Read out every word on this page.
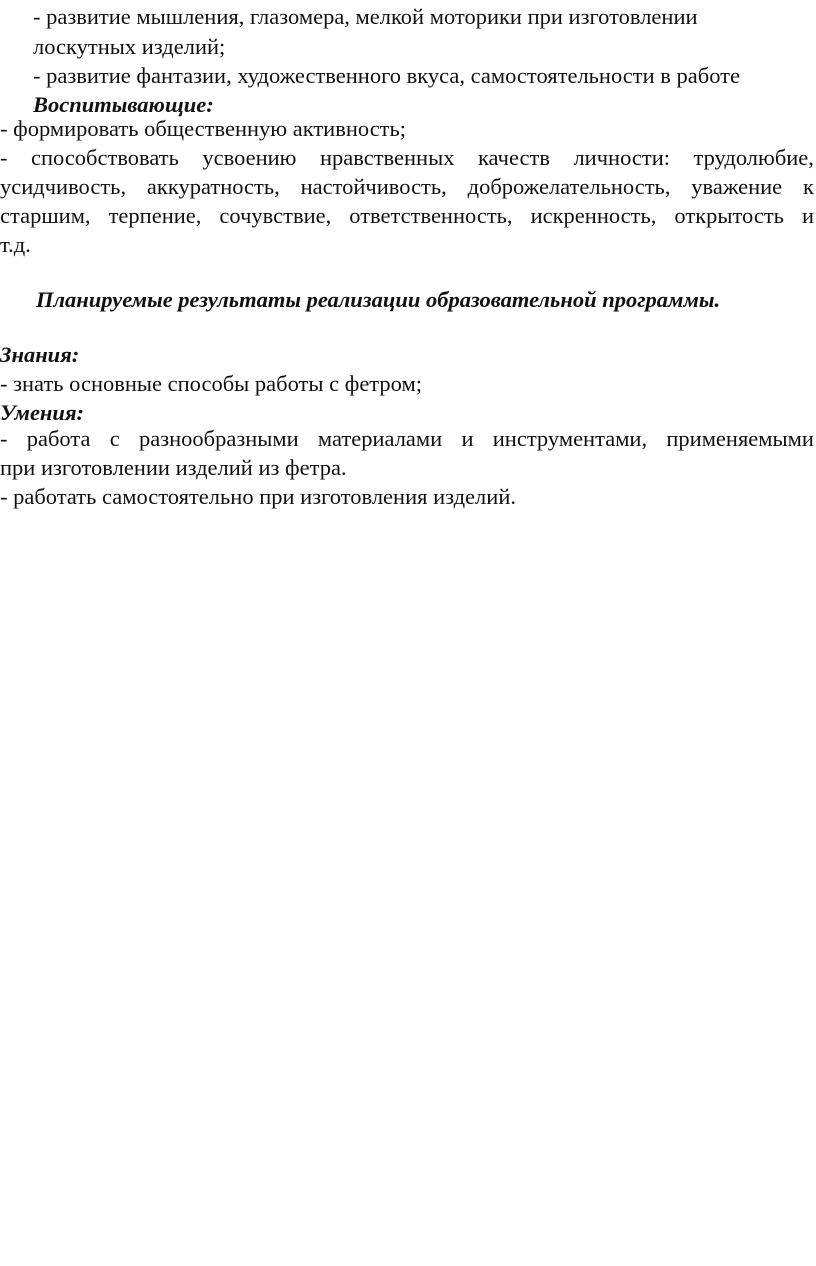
- развитие мышления, глазомера, мелкой моторики при изготовлении
лоскутных изделий;
- развитие фантазии, художественного вкуса, самостоятельности в работе
Воспитывающие:
- формировать общественную активность;
- способствовать усвоению нравственных качеств личности: трудолюбие,
усидчивость, аккуратность, настойчивость, доброжелательность, уважение к
старшим, терпение, сочувствие, ответственность, искренность, открытость и
т.д.
Планируемые результаты реализации образовательной программы.
Знания:
- знать основные способы работы с фетром;
Умения:
- работа с разнообразными материалами и инструментами, применяемыми
при изготовлении изделий из фетра.
- работать самостоятельно при изготовления изделий.
